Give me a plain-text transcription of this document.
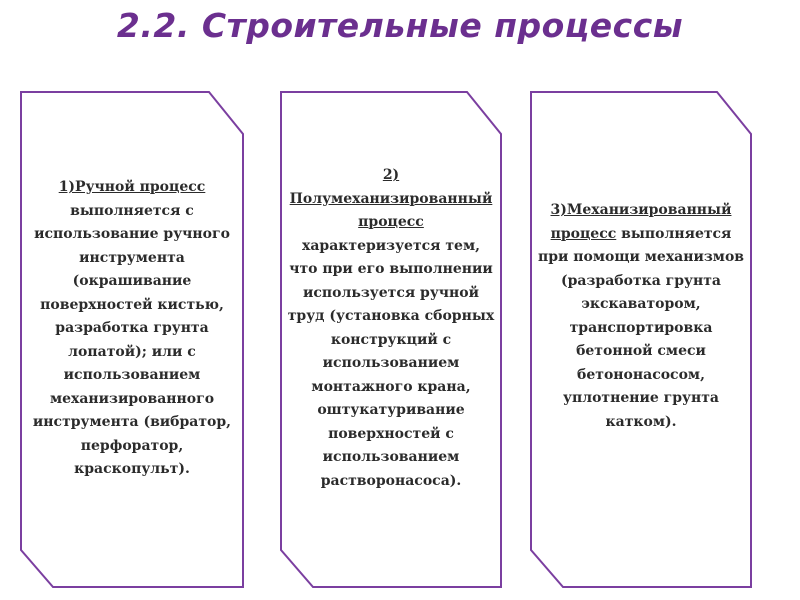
2.2. Строительные процессы
1)Ручной процесс выполняется с использование ручного инструмента (окрашивание поверхностей кистью, разработка грунта лопатой); или с использованием механизированного инструмента (вибратор, перфоратор, краскопульт).
2) Полумеханизированный процесс характеризуется тем, что при его выполнении используется ручной труд (установка сборных конструкций с использованием монтажного крана, оштукатуривание поверхностей с использованием растворонасоса).
3)Механизированный процесс выполняется при помощи механизмов (разработка грунта экскаватором, транспортировка бетонной смеси бетононасосом, уплотнение грунта катком).
